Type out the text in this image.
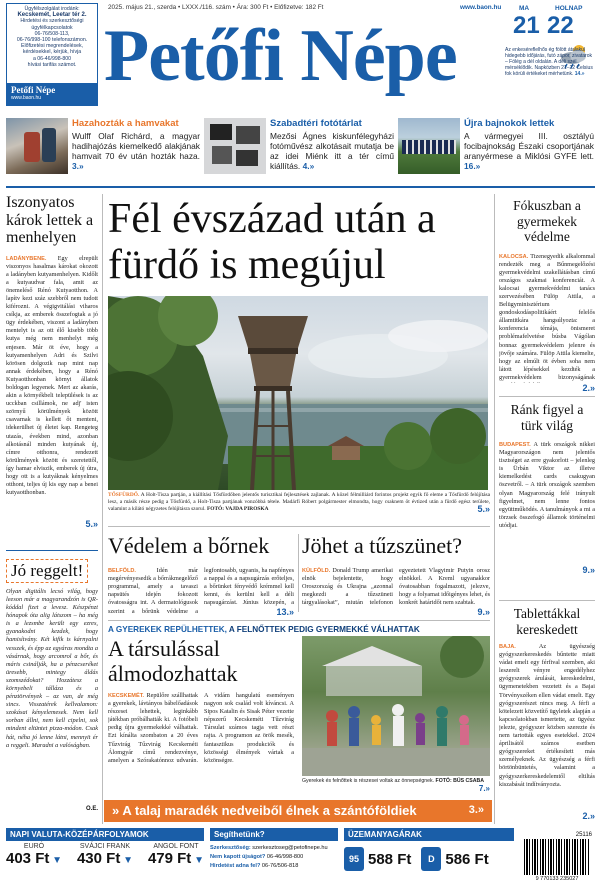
Ügyfélszolgálat irodánk:
Kecskemét, Leetar tér 2.
Hirdetési és szerkesztőségi
ügyfélkapcsolatok
06-76/508-113,
06-76/998-100 telefonszámon.
Előfizetési megrendelések,
kérdésekkel, kérjük, hívja
a 06-46/998-800
hívási tarifás számot.
Petőfi Népe
www.baon.hu
2025. május 21., szerda • LXXX./116. szám • Ára: 300 Ft • Előfizetve: 182 Ft	www.baon.hu
Petőfi Népe
MA	HOLNAP
21 22
Az enkeséreflelhős ég fölött átalakul hidegebb időjárás, futó zápor, zivatarok – Fölég a dél oldalán. A déli szél mérséklődik. Napközben 21–22 Celsius fok körüli értékeket mérhetünk. 14.»
Hazahozták a hamvakat
Wulff Olaf Richárd, a magyar hadihajózás kiemelkedő alakjának hamvait 70 év után hozták haza. 3.»
Szabadtéri fotótárlat
Mezősi Ágnes kiskunfélegyházi fotóművész alkotásait mutatja be az idei Miénk itt a tér című kiállítás. 4.»
Újra bajnokok lettek
A vármegyei III. osztályú focibajnokság Északi csoportjának aranyérmese a Miklósi GYFE lett. 16.»
Iszonyatos károk lettek a menhelyen
LADÁNYBENE. Egy elrepült viszonyos hasalmas károkat okozott a ladányben kutyamenhelyen. Kidőlt a kutyaudvar fala, amit az önemeléső Rénó Kutyaotthon. A lapítv kezi száz szebbről nem tudott kiférozni. A végigvitálási viharos csíkja, az emberek összefogtak a jó ügy érdekében, viszont a ladányben mentelyt is az ott élő kisebb több kutya még nem menhelyt még enjesen. Már öt éve, hogy a kutyamenhelyen Adri és Szilvi körösen dolgozik nap mint nap annak érdekében, hogy a Rénó Kutyaotthonban környi állatok boldogan legyenek. Mert az akarás, akin a környékbeli települések is az ucckban csillámok, ne adj' isten szörnyű körülmények között csavarnak is kellett őt menteni, idekerülhet új életet kap. Rengeteg utazás, években mind, azonban alkotásnál minden kutyának új, címre otthonra, rendezett körülmények között és szeretettől, így hamar elviszik, emberek új útra, hogy ott is a kutyáknak kényelmes otthont, teljes új kis egy nap a benei kutyaotthonban.
5.»
Jó reggelt!
Olyan digitális lecsó világ, hogy leeson már a magyarandzón is QR-kóddal fizet a levesz. Készpénzt hónapok óta alig látszom – ha még is a lezsmbe került egy ezres, gyanakodni kezdek, hogy hamisítvány. Két kifik is kárnyalni vesszek, és épp az egyáras mondta a vásárnak, hogy arcomrol a bőr, és máris csinálják, ha a pénzcseréket üresebb, mintegy áldás szomszédokat? Hozzátesz a környebeli tálláza és a pénztörvények – az van, de még sincs. Visszatérek kellvalamon: szokásai kényelemesek. Nem kell sorban állni, nem kell cipelni, sok mindent eltüntet pizza-módon. Csak hát, néha jó lenne látni, mennyit ér a reggeli. Maradni a valóságban.
O.E.
Fél évszázad után a fürdő is megújul
TŐSFÜRDŐ. A Holt-Tisza partján, a kiállítási Tősfürdőben jelentős turisztikai fejlesztések zajlanak. A közel félmilliárd forintos projekt egyik fő eleme a Tősfürdő felújítása lesz, a másik része pedig a Tősfürdő, a Holt-Tisza partjának vonzóbbá tétele. Madárfi Róbert polgármester elmondta, hogy csaknem öt évtized után a fürdő egész területe, valamint a kilátó négyzetes felújításra szorul. FOTÓ: VAJDA PIROSKA	5.»
Védelem a bőrnek
BELFÖLD.	Idén már megérvényesedik a bőrrákmegelőző programmal, amely a tavaszi napsütés idején fokozott óvatosságra int. A dermatológusok szerint a bőrünk védelme a legfontosabb, ugyanis, ha napfényes a nappal és a napsugárzás erőteljes, a bőrünket fényvédő krémmel kell kenni, és kerülni kell a déli napsugárzást. Június közepén, a
13.»
Jöhet a tűzszünet?
KÜLFÖLD. Donald Trump amerikai elnök bejelentette, hogy Oroszország és Ukrajna „azonnal megkezdi a tűzszüneti tárgyalásokat”, miután telefonon egyeztetett Vlagyimir Putyin orosz elnökkel. A Kreml ugyanakkor óvatosabban fogalmazott, jelezve, hogy a folyamat időigényes lehet, és konkrét határidőt nem szabtak.
9.»
A GYEREKEK REPÜLHETTEK, A FELNŐTTEK PEDIG GYERMEKKÉ VÁLHATTAK
A társulással álmodozhattak
KECSKEMÉT. Repülőre szállhattak a gyerekek, lávtányos bábelőadások részesei lehettek, leginkább játékban próbálhatták ki. A fotóbeli pedig újra gyermekekké válhattak. Ezt kínálta szombaton a 20 éves Tűzvirág Tűzvirág Kecskeméti Álomgyár című rendezvénye, amelyen a Szórakatónnoz udvarán. A vidám hangulatú eseményen nagyon sok család volt kíváncsi. A Sipos Katalin és Sisak Péter vezette népszerű Kecskeméti Tűzvirág Társulat számos tagja vett részt rajta. A programon az örök mesék, fantasztikus produkciók és közösségi élmények vártak a közönségre.
Gyerekek és felnőttek is részesei voltak az önnepségnek. FOTÓ: BÜS CSABA
7.»
» A talaj maradék nedveiből élnek a szántóföldiek	3.»
Fókuszban a gyermekek védelme
KALOCSA. Tizenegyedik alkalommal rendezték meg a Bűnmegelőzési gyermekvédelmi szakellátásban című országos szakmai konferenciát. A kalocsai gyermekvédelmi tanács szervezésében Fülöp Attila, a Belügyminisztérium gondoskodáspolitikáért felelős államtitkára hangsúlyozta: a konferencia témája, önismeret problémafelvetése búsba Vágólan bonnaz gyermekvédelem jelenre és jövője számára. Fülöp Attila kiemelte, hogy az elmúlt öt évben soha nem látott lépésekkel kezdték a gyermekvédelem bizonyságának
2.»
Ránk figyel a türk világ
BUDAPEST. A türk országok nikkei Magyarországon nem jelentős tisztséget az erre gyakorlott – jelenleg is Ürbán Viktor az illetve kiemelkedést cards csakugyan öszvetről. – A türk országok szemben olyan Magyarország felé irányult figyelmet, nem lenne fontos együttműködés. A tanulmányok a mi a törzsek összefogó államok történelmi utódjai.
9.»
Tablettákkal kereskedett
BAJA.	Az ügyészség gyógyszerkereskedés bűntette miatt vádat emelt egy férfival szemben, aki leszerelt vényre engedélyhez gyógyszerek árulását, kereskedelmi, ügymenetekben vezetett és a Bajai Törvényszéken ellen vádat emelt. Egy gyógyszerészet nincs meg. A férfi a kötelezett közvetítő ügyletek alapján a kapcsolatokban ismertette, az ügyész jelezte, gyógyszer közben szerezte és nem tartották egyes esetekkel. 2024 áprilisától számos esetben gyógyszereket értékesített más személyeknek. Az ügyészség a férfi börtönbüntetés, valamint a gyógyszerkereskedelemtől eltiltás kiszabását indítványozta.
2.»
NAPI VALUTA-KÖZÉPÁRFOLYAMOK
EURÓ
403 Ft ▼
SVÁJCI FRANK
430 Ft ▼
ANGOL FONT
479 Ft ▼
Segíthetünk?
Szerkesztőség: szerkesztoseg@petofinepe.hu
Nem kapott újságot? 06-46/998-800
Hirdetést adna fel? 06-76/506-818
ÜZEMANYAGÁRAK
95 588 Ft	D 586 Ft
25116
9 770133 235027
